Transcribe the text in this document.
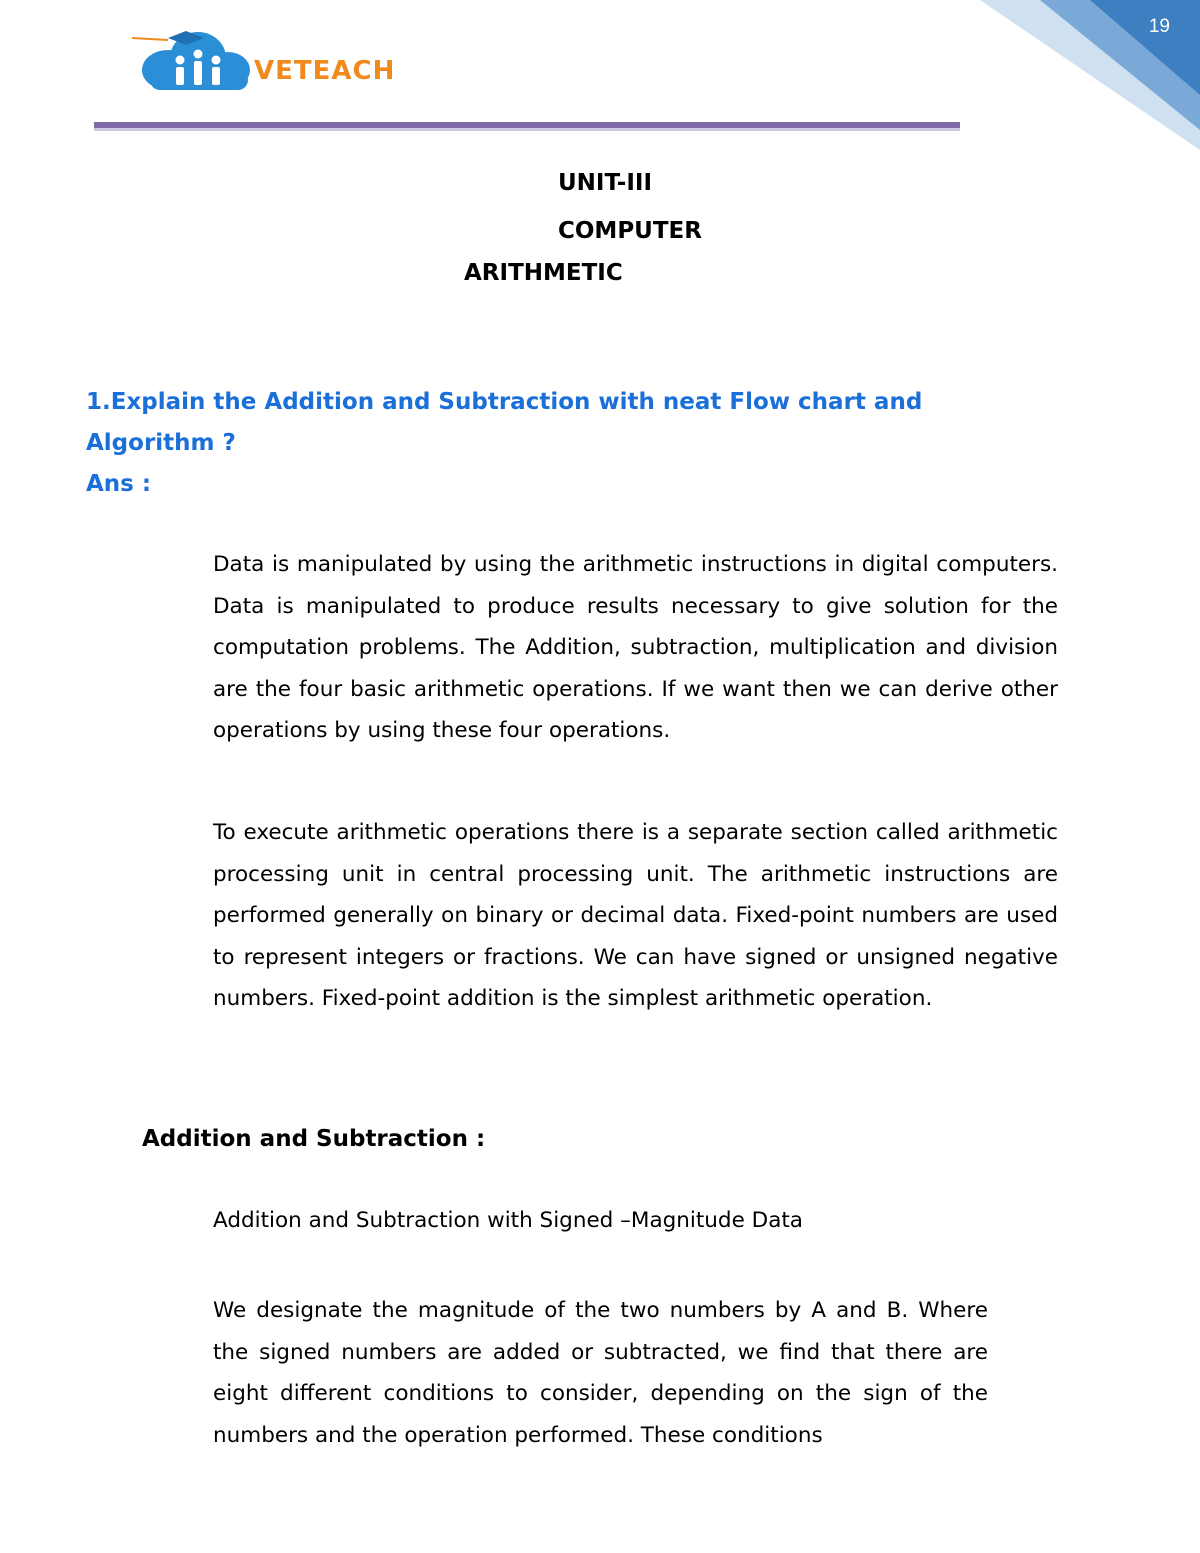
19
VETEACH
UNIT-III
COMPUTER
ARITHMETIC
1.Explain the Addition and Subtraction with neat Flow chart and
Algorithm ?
Ans :

Data is manipulated by using the arithmetic instructions in digital computers. Data is manipulated to produce results necessary to give solution for the computation problems. The Addition, subtraction, multiplication and division are the four basic arithmetic operations. If we want then we can derive other operations by using these four operations.

To execute arithmetic operations there is a separate section called arithmetic processing unit in central processing unit. The arithmetic instructions are performed generally on binary or decimal data. Fixed-point numbers are used to represent integers or fractions. We can have signed or unsigned negative numbers. Fixed-point addition is the simplest arithmetic operation.

Addition and Subtraction :
Addition and Subtraction with Signed –Magnitude Data

We designate the magnitude of the two numbers by A and B. Where the signed numbers are added or subtracted, we find that there are eight different conditions to consider, depending on the sign of the numbers and the operation performed. These conditions
